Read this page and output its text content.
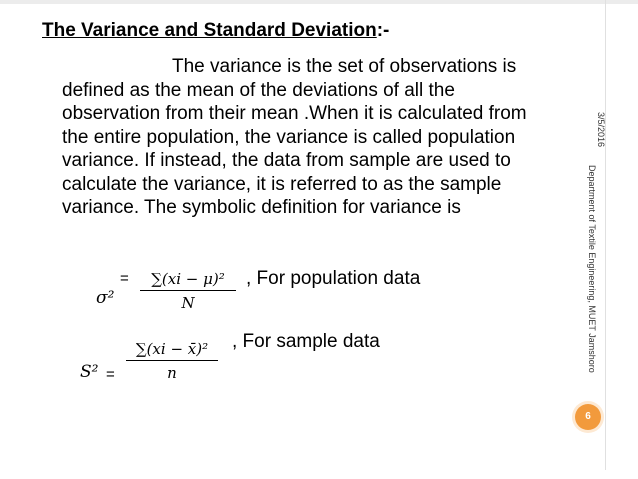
The Variance and Standard Deviation:-
The variance is the set of observations is
defined as the mean of the deviations of all the
observation from their mean .When it is calculated from
the entire population, the variance is called population
variance. If instead, the data from sample are used to
calculate the variance, it is referred to as the sample
variance. The symbolic definition for variance is
σ²
=	∑(xi − μ)²
N
, For population data
S² =
∑(xi − x̄)²
n
, For sample data
3/5/2016
Department of Textile Engineering, MUET Jamshoro
6
